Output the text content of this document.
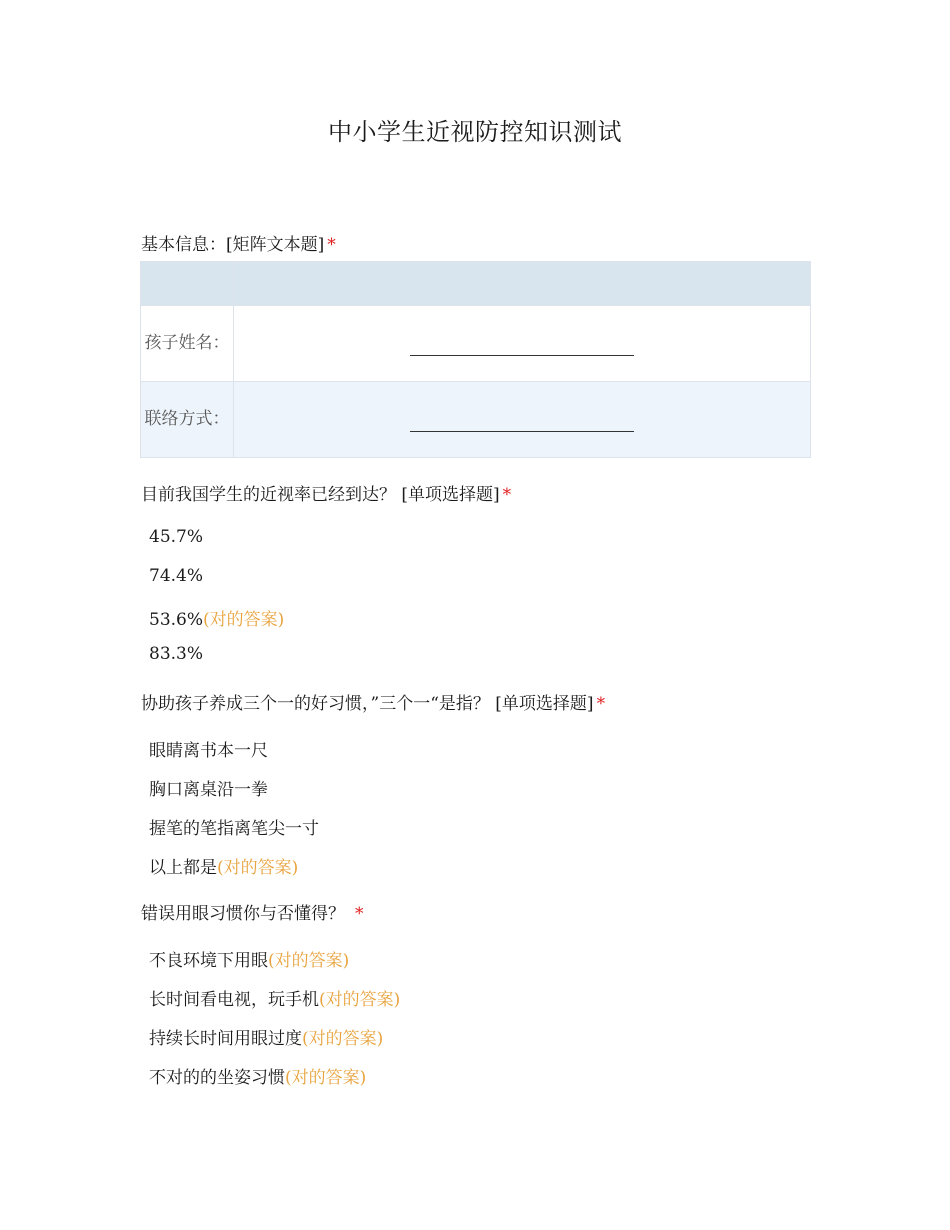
中小学生近视防控知识测试
基本信息：[矩阵文本题] *

孩子姓名：	
联络方式：	
目前我国学生的近视率已经到达？ [单项选择题] *
45.7%
74.4%
53.6%(对的答案)
83.3%
协助孩子养成三个一的好习惯，”三个一“是指？ [单项选择题] *
眼睛离书本一尺
胸口离桌沿一拳
握笔的笔指离笔尖一寸
以上都是(对的答案)
错误用眼习惯你与否懂得？ *
不良环境下用眼(对的答案)
长时间看电视，玩手机(对的答案)
持续长时间用眼过度(对的答案)
不对的的坐姿习惯(对的答案)
